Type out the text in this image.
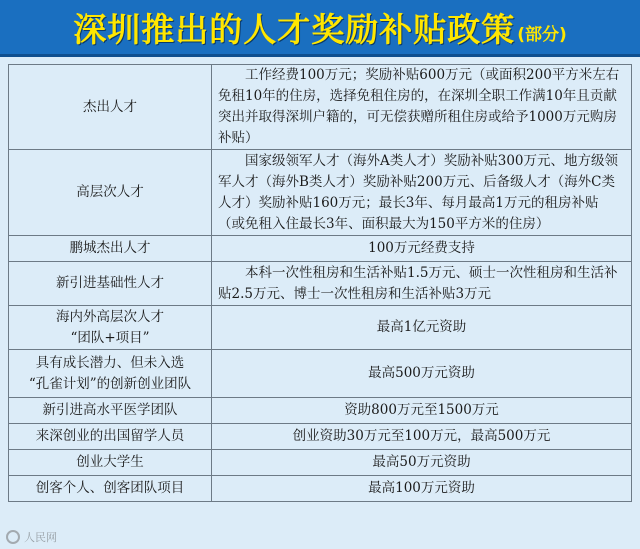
深圳推出的人才奖励补贴政策 (部分)
杰出人才	工作经费100万元；奖励补贴600万元（或面积200平方米左右免租10年的住房，选择免租住房的，在深圳全职工作满10年且贡献突出并取得深圳户籍的，可无偿获赠所租住房或给予1000万元购房补贴）

高层次人才	国家级领军人才（海外A类人才）奖励补贴300万元、地方级领军人才（海外B类人才）奖励补贴200万元、后备级人才（海外C类人才）奖励补贴160万元；最长3年、每月最高1万元的租房补贴（或免租入住最长3年、面积最大为150平方米的住房）

鹏城杰出人才	100万元经费支持

新引进基础性人才	本科一次性租房和生活补贴1.5万元、硕士一次性租房和生活补贴2.5万元、博士一次性租房和生活补贴3万元

海内外高层次人才
“团队+项目”	最高1亿元资助

具有成长潜力、但未入选
“孔雀计划”的创新创业团队	最高500万元资助

新引进高水平医学团队	资助800万元至1500万元

来深创业的出国留学人员	创业资助30万元至100万元，最高500万元

创业大学生	最高50万元资助

创客个人、创客团队项目	最高100万元资助
人民网
